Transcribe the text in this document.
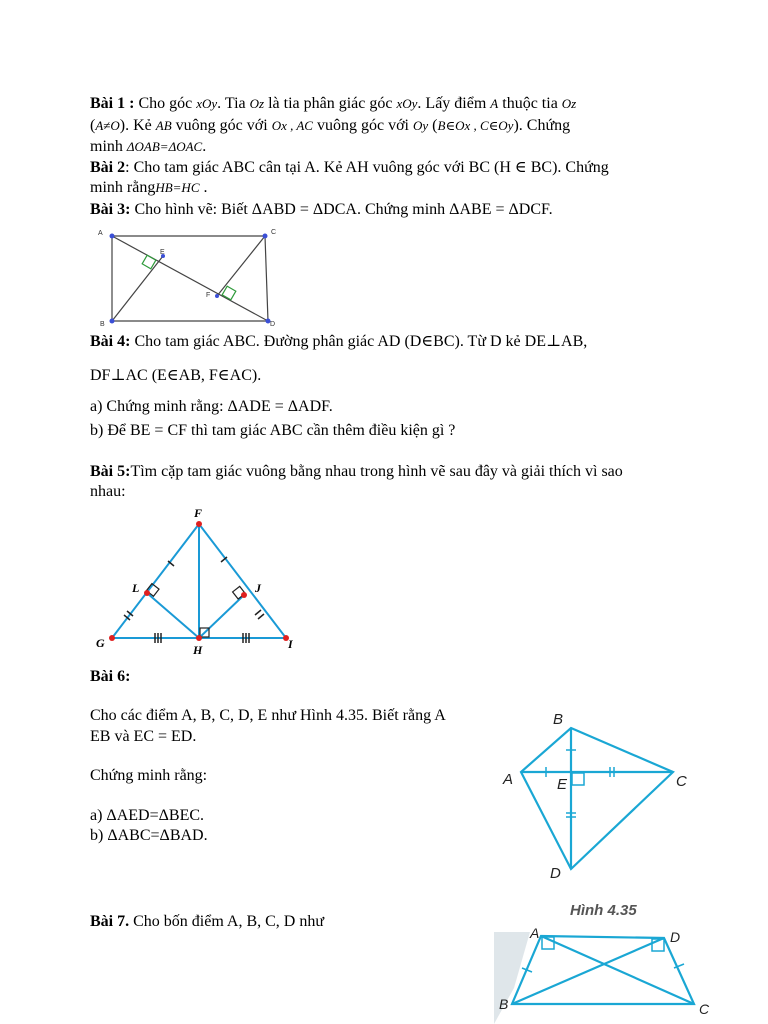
Bài 1 : Cho góc xOy. Tia Oz là tia phân giác góc xOy. Lấy điểm A thuộc tia Oz
(A≠O). Kẻ AB vuông góc với Ox , AC vuông góc với Oy (B∈Ox , C∈Oy). Chứng
minh ΔOAB=ΔOAC.
Bài 2: Cho tam giác ABC cân tại A. Kẻ AH vuông góc với BC (H ∈ BC). Chứng
minh rằngHB=HC .
Bài 3: Cho hình vẽ: Biết ΔABD = ΔDCA. Chứng minh ΔABE = ΔDCF.
A	C
B	D
E
F
Bài 4: Cho tam giác ABC. Đường phân giác AD (D∈BC). Từ D kẻ DE⊥AB,
DF⊥AC (E∈AB, F∈AC).
a) Chứng minh rằng: ΔADE = ΔADF.
b) Để BE = CF thì tam giác ABC cần thêm điều kiện gì ?
Bài 5:Tìm cặp tam giác vuông bằng nhau trong hình vẽ sau đây và giải thích vì sao
nhau:
F
L	J
G	H	I
Bài 6:
Cho các điểm A, B, C, D, E như Hình 4.35. Biết rằng A
EB và EC = ED.
Chứng minh rằng:
a) ΔAED=ΔBEC.
b) ΔABC=ΔBAD.
B
A	C
E
D
Bài 7. Cho bốn điểm A, B, C, D như
Hình 4.35
A	D
B	C
